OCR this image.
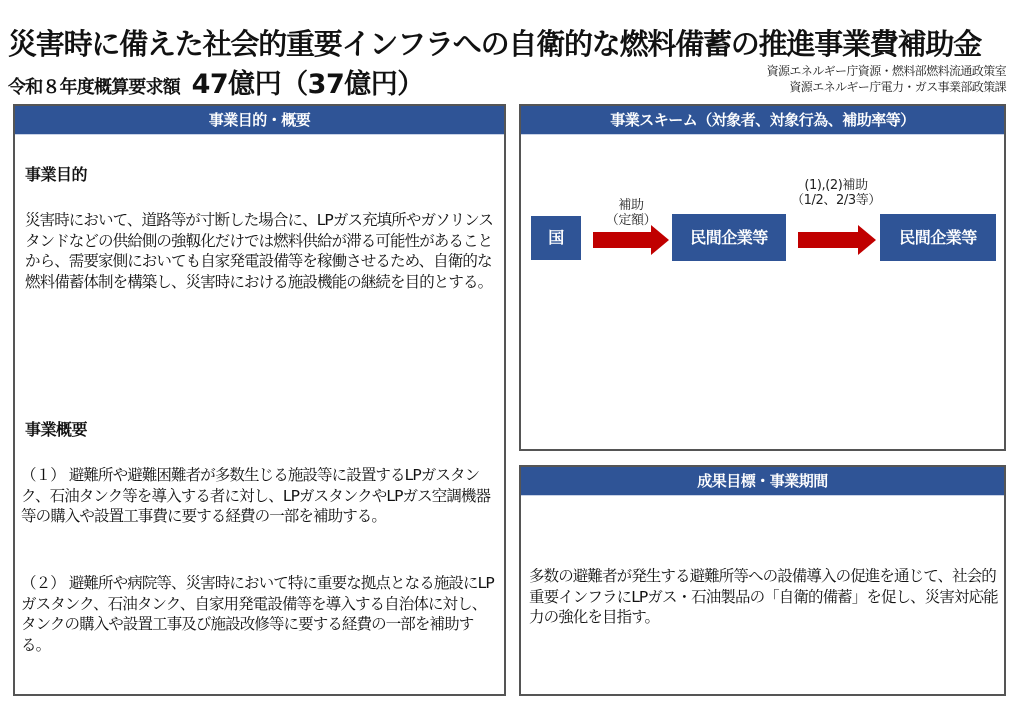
災害時に備えた社会的重要インフラへの自衛的な燃料備蓄の推進事業費補助金
令和８年度概算要求額 47億円（37億円）	資源エネルギー庁資源・燃料部燃料流通政策室
資源エネルギー庁電力・ガス事業部政策課
事業目的・概要
事業目的
災害時において、道路等が寸断した場合に、LPガス充填所やガソリンスタンドなどの供給側の強靱化だけでは燃料供給が滞る可能性があることから、需要家側においても自家発電設備等を稼働させるため、自衛的な燃料備蓄体制を構築し、災害時における施設機能の継続を目的とする。
事業概要
（１） 避難所や避難困難者が多数生じる施設等に設置するLPガスタンク、石油タンク等を導入する者に対し、LPガスタンクやLPガス空調機器等の購入や設置工事費に要する経費の一部を補助する。
（２） 避難所や病院等、災害時において特に重要な拠点となる施設にLPガスタンク、石油タンク、自家用発電設備等を導入する自治体に対し、タンクの購入や設置工事及び施設改修等に要する経費の一部を補助する。
事業スキーム（対象者、対象行為、補助率等）
国
補助
（定額）
民間企業等
(1),(2)補助
（1/2、2/3等）
民間企業等
成果目標・事業期間
多数の避難者が発生する避難所等への設備導入の促進を通じて、社会的重要インフラにLPガス・石油製品の「自衛的備蓄」を促し、災害対応能力の強化を目指す。
